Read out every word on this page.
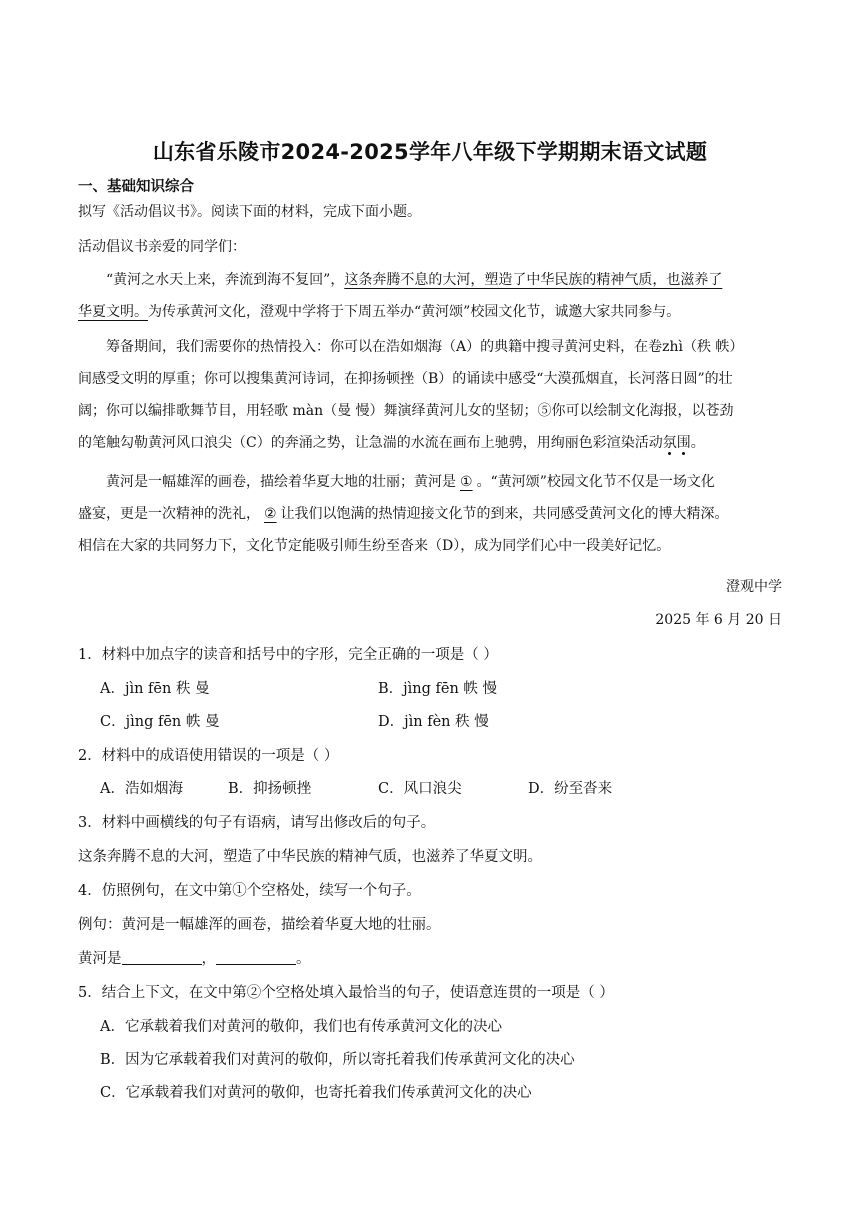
山东省乐陵市2024-2025学年八年级下学期期末语文试题
一、基础知识综合
拟写《活动倡议书》。阅读下面的材料，完成下面小题。
活动倡议书亲爱的同学们：
“黄河之水天上来，奔流到海不复回”，这条奔腾不息的大河，塑造了中华民族的精神气质，也滋养了
华夏文明。为传承黄河文化，澄观中学将于下周五举办“黄河颂”校园文化节，诚邀大家共同参与。
筹备期间，我们需要你的热情投入：你可以在浩如烟海（A）的典籍中搜寻黄河史料，在卷zhì（秩 帙）
间感受文明的厚重；你可以搜集黄河诗词，在抑扬顿挫（B）的诵读中感受“大漠孤烟直，长河落日圆”的壮
阔；你可以编排歌舞节目，用轻歌 màn（曼 慢）舞演绎黄河儿女的坚韧；⑤你可以绘制文化海报，以苍劲
的笔触勾勒黄河风口浪尖（C）的奔涌之势，让急湍的水流在画布上驰骋，用绚丽色彩渲染活动氛围。
黄河是一幅雄浑的画卷，描绘着华夏大地的壮丽；黄河是 ① 。“黄河颂”校园文化节不仅是一场文化
盛宴，更是一次精神的洗礼， ② 让我们以饱满的热情迎接文化节的到来，共同感受黄河文化的博大精深。
相信在大家的共同努力下，文化节定能吸引师生纷至沓来（D），成为同学们心中一段美好记忆。
澄观中学
2025 年 6 月 20 日
1．材料中加点字的读音和括号中的字形，完全正确的一项是（ ）
A．jìn fēn 秩 曼	B．jìng fēn 帙 慢
C．jìng fēn 帙 曼	D．jìn fèn 秩 慢
2．材料中的成语使用错误的一项是（ ）
A．浩如烟海	B．抑扬顿挫	C．风口浪尖	D．纷至沓来
3．材料中画横线的句子有语病，请写出修改后的句子。
这条奔腾不息的大河，塑造了中华民族的精神气质，也滋养了华夏文明。
4．仿照例句，在文中第①个空格处，续写一个句子。
例句：黄河是一幅雄浑的画卷，描绘着华夏大地的壮丽。
黄河是	，	。
5．结合上下文，在文中第②个空格处填入最恰当的句子，使语意连贯的一项是（ ）
A．它承载着我们对黄河的敬仰，我们也有传承黄河文化的决心
B．因为它承载着我们对黄河的敬仰，所以寄托着我们传承黄河文化的决心
C．它承载着我们对黄河的敬仰，也寄托着我们传承黄河文化的决心
